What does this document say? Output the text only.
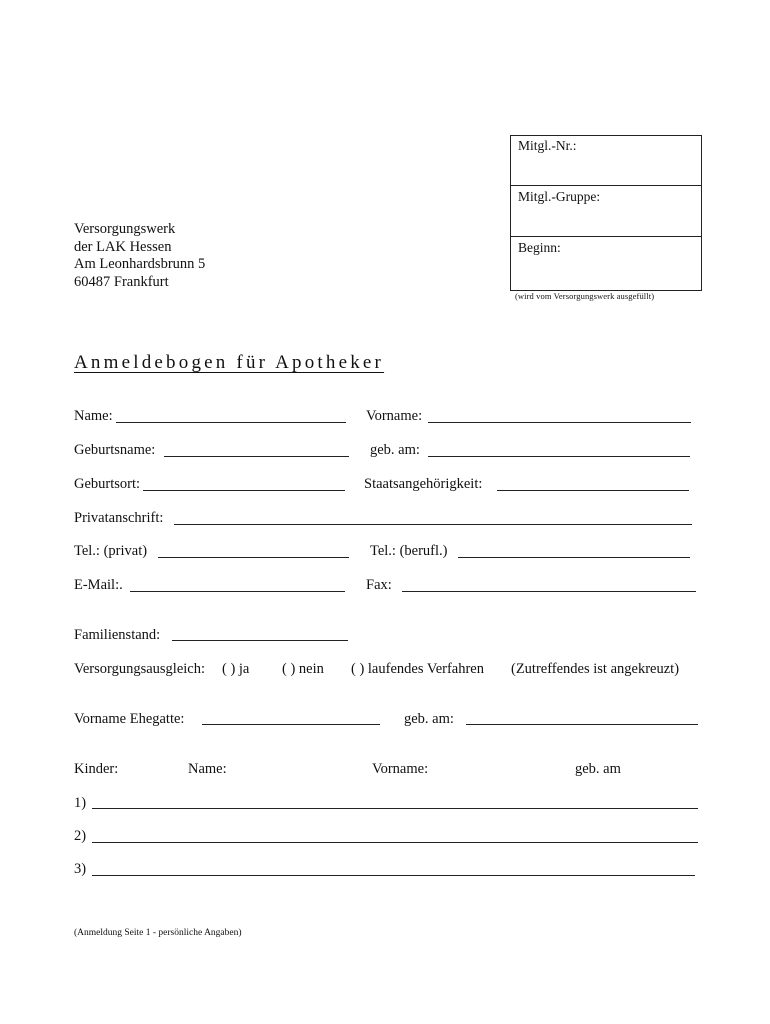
Mitgl.-Nr.:
Mitgl.-Gruppe:
Beginn:
(wird vom Versorgungswerk ausgefüllt)
Versorgungswerk
der LAK Hessen
Am Leonhardsbrunn 5
60487 Frankfurt
Anmeldebogen für Apotheker
Name:	Vorname:
Geburtsname:	geb. am:
Geburtsort:	Staatsangehörigkeit:
Privatanschrift:
Tel.: (privat)	Tel.: (berufl.)
E-Mail:.	Fax:
Familienstand:
Versorgungsausgleich: ( ) ja ( ) nein ( ) laufendes Verfahren (Zutreffendes ist angekreuzt)
Vorname Ehegatte:	geb. am:
Kinder:	Name:	Vorname:	geb. am
1)
2)
3)
(Anmeldung Seite 1 - persönliche Angaben)
